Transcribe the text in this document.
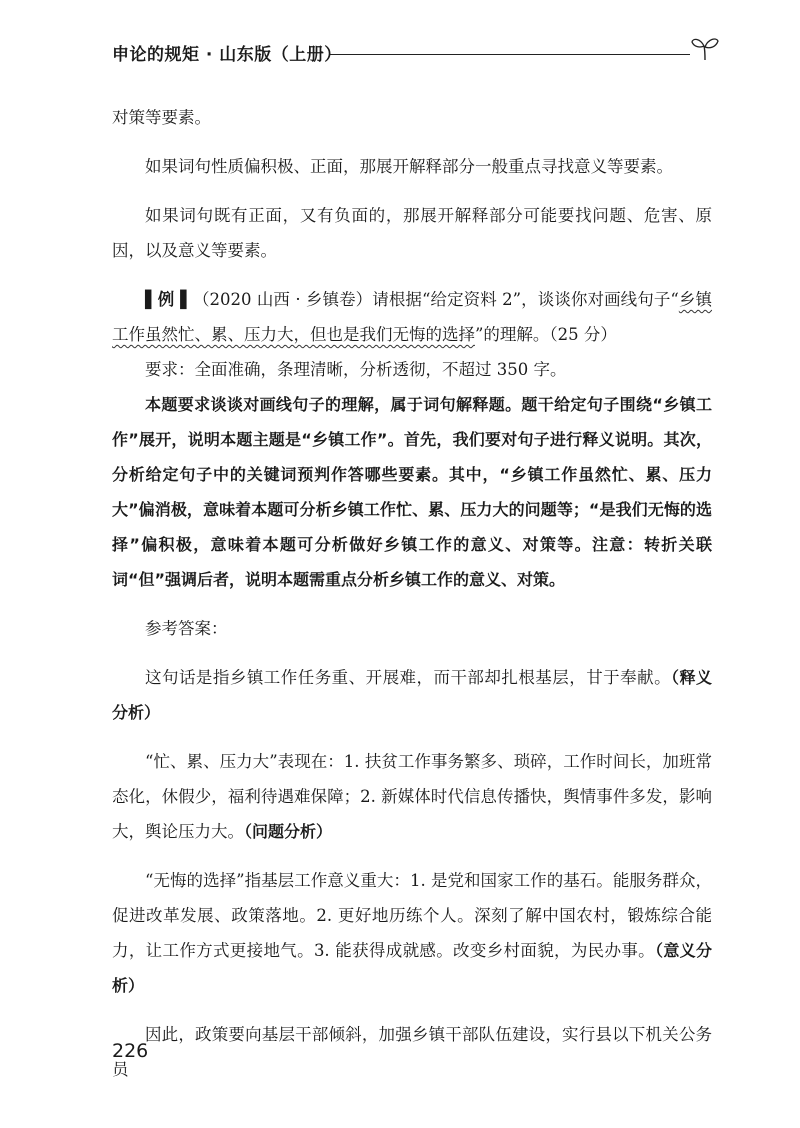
申论的规矩 · 山东版（上册）

对策等要素。

如果词句性质偏积极、正面，那展开解释部分一般重点寻找意义等要素。

如果词句既有正面，又有负面的，那展开解释部分可能要找问题、危害、原因，以及意义等要素。

▌例 ▌（2020 山西 · 乡镇卷）请根据“给定资料 2”，谈谈你对画线句子“乡镇工作虽然忙、累、压力大，但也是我们无悔的选择”的理解。（25 分）

要求：全面准确，条理清晰，分析透彻，不超过 350 字。

本题要求谈谈对画线句子的理解，属于词句解释题。题干给定句子围绕“乡镇工作”展开，说明本题主题是“乡镇工作”。首先，我们要对句子进行释义说明。其次，分析给定句子中的关键词预判作答哪些要素。其中，“乡镇工作虽然忙、累、压力大”偏消极，意味着本题可分析乡镇工作忙、累、压力大的问题等；“是我们无悔的选择”偏积极，意味着本题可分析做好乡镇工作的意义、对策等。注意：转折关联词“但”强调后者，说明本题需重点分析乡镇工作的意义、对策。

参考答案：

这句话是指乡镇工作任务重、开展难，而干部却扎根基层，甘于奉献。（释义分析）

“忙、累、压力大”表现在：1. 扶贫工作事务繁多、琐碎，工作时间长，加班常态化，休假少，福利待遇难保障；2. 新媒体时代信息传播快，舆情事件多发，影响大，舆论压力大。（问题分析）

“无悔的选择”指基层工作意义重大：1. 是党和国家工作的基石。能服务群众，促进改革发展、政策落地。2. 更好地历练个人。深刻了解中国农村，锻炼综合能力，让工作方式更接地气。3. 能获得成就感。改变乡村面貌，为民办事。（意义分析）

因此，政策要向基层干部倾斜，加强乡镇干部队伍建设，实行县以下机关公务员

226
